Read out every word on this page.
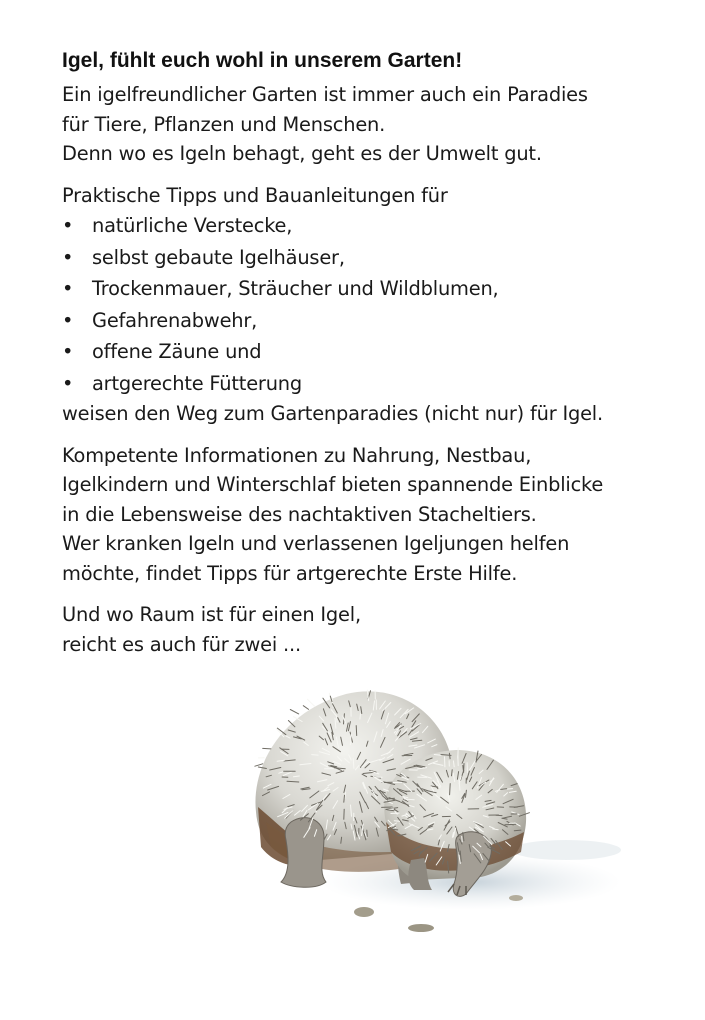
Igel, fühlt euch wohl in unserem Garten!
Ein igelfreundlicher Garten ist immer auch ein Paradies
für Tiere, Pflanzen und Menschen.
Denn wo es Igeln behagt, geht es der Umwelt gut.
Praktische Tipps und Bauanleitungen für
• natürliche Verstecke,
• selbst gebaute Igelhäuser,
• Trockenmauer, Sträucher und Wildblumen,
• Gefahrenabwehr,
• offene Zäune und
• artgerechte Fütterung
weisen den Weg zum Gartenparadies (nicht nur) für Igel.
Kompetente Informationen zu Nahrung, Nestbau,
Igelkindern und Winterschlaf bieten spannende Einblicke
in die Lebensweise des nachtaktiven Stacheltiers.
Wer kranken Igeln und verlassenen Igeljungen helfen
möchte, findet Tipps für artgerechte Erste Hilfe.
Und wo Raum ist für einen Igel,
reicht es auch für zwei ...
